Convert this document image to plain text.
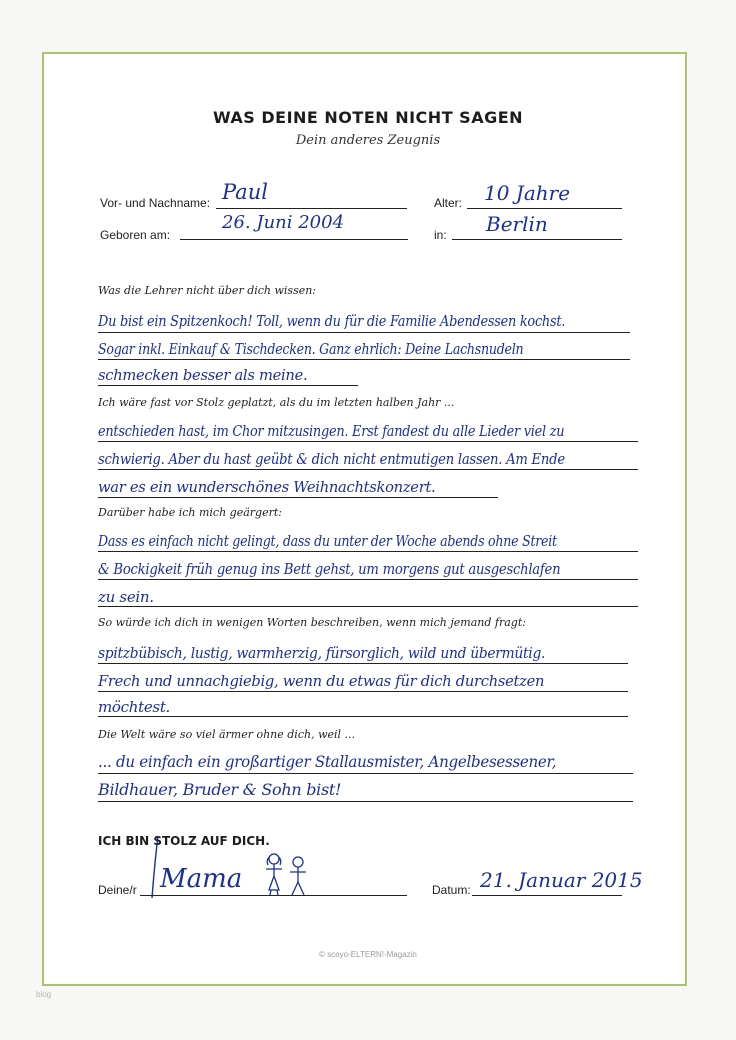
WAS DEINE NOTEN NICHT SAGEN
Dein anderes Zeugnis
Vor- und Nachname: Paul	Alter: 10 Jahre
Geboren am:
26. Juni 2004
in: Berlin
Was die Lehrer nicht über dich wissen:
Du bist ein Spitzenkoch! Toll, wenn du für die Familie Abendessen kochst.
Sogar inkl. Einkauf & Tischdecken. Ganz ehrlich: Deine Lachsnudeln
schmecken besser als meine.
Ich wäre fast vor Stolz geplatzt, als du im letzten halben Jahr ...
entschieden hast, im Chor mitzusingen. Erst fandest du alle Lieder viel zu
schwierig. Aber du hast geübt & dich nicht entmutigen lassen. Am Ende
war es ein wunderschönes Weihnachtskonzert.
Darüber habe ich mich geärgert:
Dass es einfach nicht gelingt, dass du unter der Woche abends ohne Streit
& Bockigkeit früh genug ins Bett gehst, um morgens gut ausgeschlafen
zu sein.
So würde ich dich in wenigen Worten beschreiben, wenn mich jemand fragt:
spitzbübisch, lustig, warmherzig, fürsorglich, wild und übermütig.
Frech und unnachgiebig, wenn du etwas für dich durchsetzen
möchtest.
Die Welt wäre so viel ärmer ohne dich, weil ...
... du einfach ein großartiger Stallausmister, Angelbesessener,
Bildhauer, Bruder & Sohn bist!
ICH BIN STOLZ AUF DICH.
Deine/r Mama	Datum: 21. Januar 2015
© scoyo-ELTERN!-Magazin
blog
